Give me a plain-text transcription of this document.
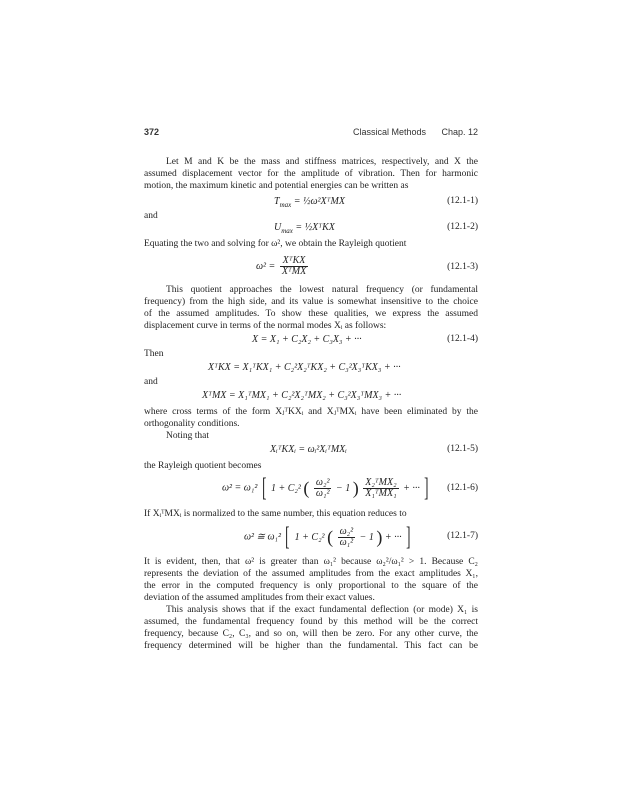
372	Classical Methods Chap. 12
Let M and K be the mass and stiffness matrices, respectively, and X the
assumed displacement vector for the amplitude of vibration. Then for harmonic
motion, the maximum kinetic and potential energies can be written as
$T_{max}$ = ½ω²XᵀMX	(12.1-1)
and
$U_{max}$ = ½XᵀKX	(12.1-2)
Equating the two and solving for ω², we obtain the Rayleigh quotient
$\omega^2 = \frac{\text{XᵀKX}}{\text{XᵀMX}}$	(12.1-3)
This quotient approaches the lowest natural frequency (or fundamental
frequency) from the high side, and its value is somewhat insensitive to the choice
of the assumed amplitudes. To show these qualities, we express the assumed
displacement curve in terms of the normal modes Xᵢ as follows:
X = X₁ + C₂X₂ + C₃X₃ + ···	(12.1-4)
Then
XᵀKX = X₁ᵀKX₁ + C₂²X₂ᵀKX₂ + C₃²X₃ᵀKX₃ + ···
and
XᵀMX = X₁ᵀMX₁ + C₂²X₂ᵀMX₂ + C₃²X₃ᵀMX₃ + ···
where cross terms of the form XⱼᵀKXᵢ and XⱼᵀMXᵢ have been eliminated by the
orthogonality conditions.
Noting that
XᵢᵀKXᵢ = ωᵢ²XᵢᵀMXᵢ	(12.1-5)
the Rayleigh quotient becomes
ω² = ω₁² [ 1 + C₂² ( $\frac{\text{ω₂²}}{\text{ω₁²}} - 1$ ) $\frac{\text{X₂ᵀMX₂}}{\text{X₁ᵀMX₁}}$ + ··· ] (12.1-6)
If XᵢᵀMXᵢ is normalized to the same number, this equation reduces to
ω² ≅ ω₁² [ 1 + C₂² ( $\frac{\text{ω₂²}}{\text{ω₁²}} - 1$ ) + ··· ]	(12.1-7)
It is evident, then, that ω² is greater than ω₁² because ω₂²/ω₁² > 1. Because C₂
represents the deviation of the assumed amplitudes from the exact amplitudes X₁,
the error in the computed frequency is only proportional to the square of the
deviation of the assumed amplitudes from their exact values.
This analysis shows that if the exact fundamental deflection (or mode) X₁ is
assumed, the fundamental frequency found by this method will be the correct
frequency, because C₂, C₃, and so on, will then be zero. For any other curve, the
frequency determined will be higher than the fundamental. This fact can be
